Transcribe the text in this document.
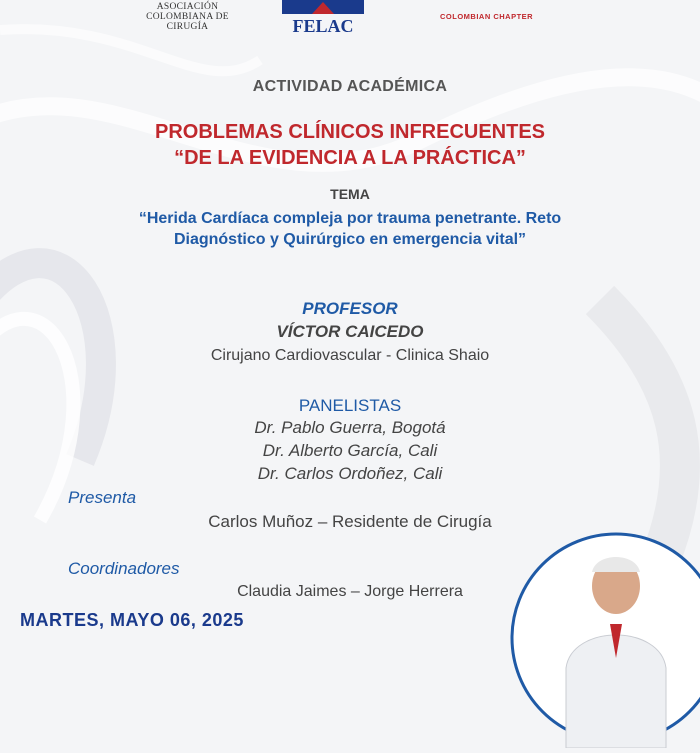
ASOCIACIÓN COLOMBIANA DE CIRUGÍA	FELAC	COLOMBIAN CHAPTER
ACTIVIDAD ACADÉMICA
PROBLEMAS CLÍNICOS INFRECUENTES
“DE LA EVIDENCIA A LA PRÁCTICA”
TEMA
“Herida Cardíaca compleja por trauma penetrante. Reto
Diagnóstico y Quirúrgico en emergencia vital”
PROFESOR
VÍCTOR CAICEDO
Cirujano Cardiovascular - Clinica Shaio
PANELISTAS
Dr. Pablo Guerra, Bogotá
Dr. Alberto García, Cali
Dr. Carlos Ordoñez, Cali
Presenta
Carlos Muñoz – Residente de Cirugía
Coordinadores
Claudia Jaimes – Jorge Herrera
MARTES, MAYO 06, 2025
